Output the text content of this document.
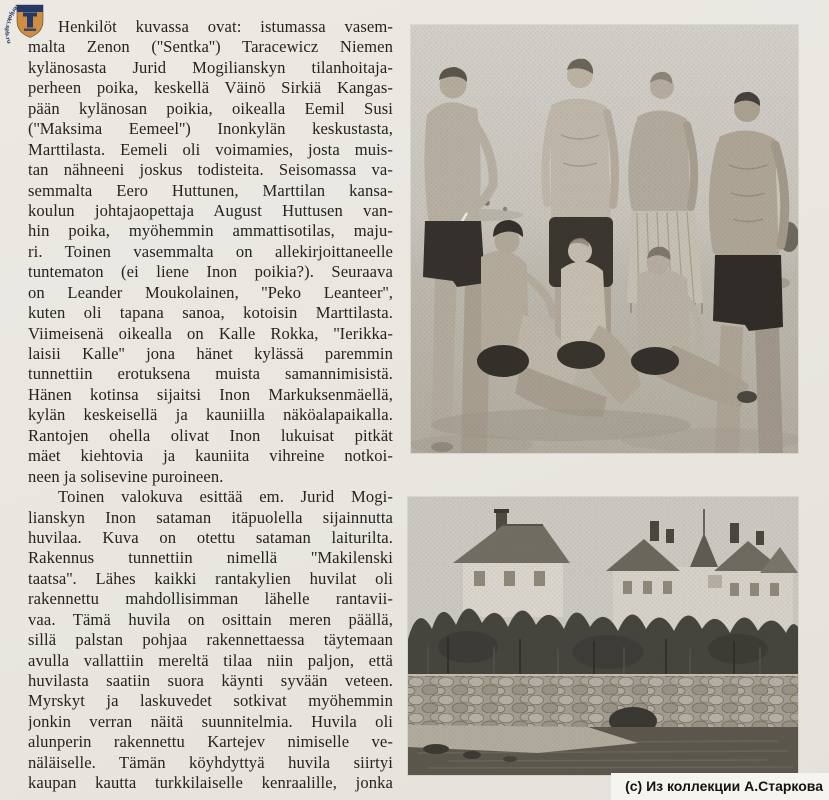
terijoki.spb.ru
Henkilöt kuvassa ovat: istumassa vasem-
malta Zenon (''Sentka'') Taracewicz Niemen
kylänosasta Jurid Mogilianskyn tilanhoitaja-
perheen poika, keskellä Väinö Sirkiä Kangas-
pään kylänosan poikia, oikealla Eemil Susi
(''Maksima Eemeel'') Inonkylän keskustasta,
Marttilasta. Eemeli oli voimamies, josta muis-
tan nähneeni joskus todisteita. Seisomassa va-
semmalta Eero Huttunen, Marttilan kansa-
koulun johtajaopettaja August Huttusen van-
hin poika, myöhemmin ammattisotilas, maju-
ri. Toinen vasemmalta on allekirjoittaneelle
tuntematon (ei liene Inon poikia?). Seuraava
on Leander Moukolainen, ''Peko Leanteer'',
kuten oli tapana sanoa, kotoisin Marttilasta.
Viimeisenä oikealla on Kalle Rokka, ''Ierikka-
laisii Kalle'' jona hänet kylässä paremmin
tunnettiin erotuksena muista samannimisistä.
Hänen kotinsa sijaitsi Inon Markuksenmäellä,
kylän keskeisellä ja kauniilla näköalapaikalla.
Rantojen ohella olivat Inon lukuisat pitkät
mäet kiehtovia ja kauniita vihreine notkoi-
neen ja solisevine puroineen.
Toinen valokuva esittää em. Jurid Mogi-
lianskyn Inon sataman itäpuolella sijainnutta
huvilaa. Kuva on otettu sataman laiturilta.
Rakennus tunnettiin nimellä ''Makilenski
taatsa''. Lähes kaikki rantakylien huvilat oli
rakennettu mahdollisimman lähelle rantavii-
vaa. Tämä huvila on osittain meren päällä,
sillä palstan pohjaa rakennettaessa täytemaan
avulla vallattiin mereltä tilaa niin paljon, että
huvilasta saatiin suora käynti syvään veteen.
Myrskyt ja laskuvedet sotkivat myöhemmin
jonkin verran näitä suunnitelmia. Huvila oli
alunperin rakennettu Kartejev nimiselle ve-
näläiselle. Tämän köyhdyttyä huvila siirtyi
kaupan kautta turkkilaiselle kenraalille, jonka	(с) Из коллекции А.Старкова
